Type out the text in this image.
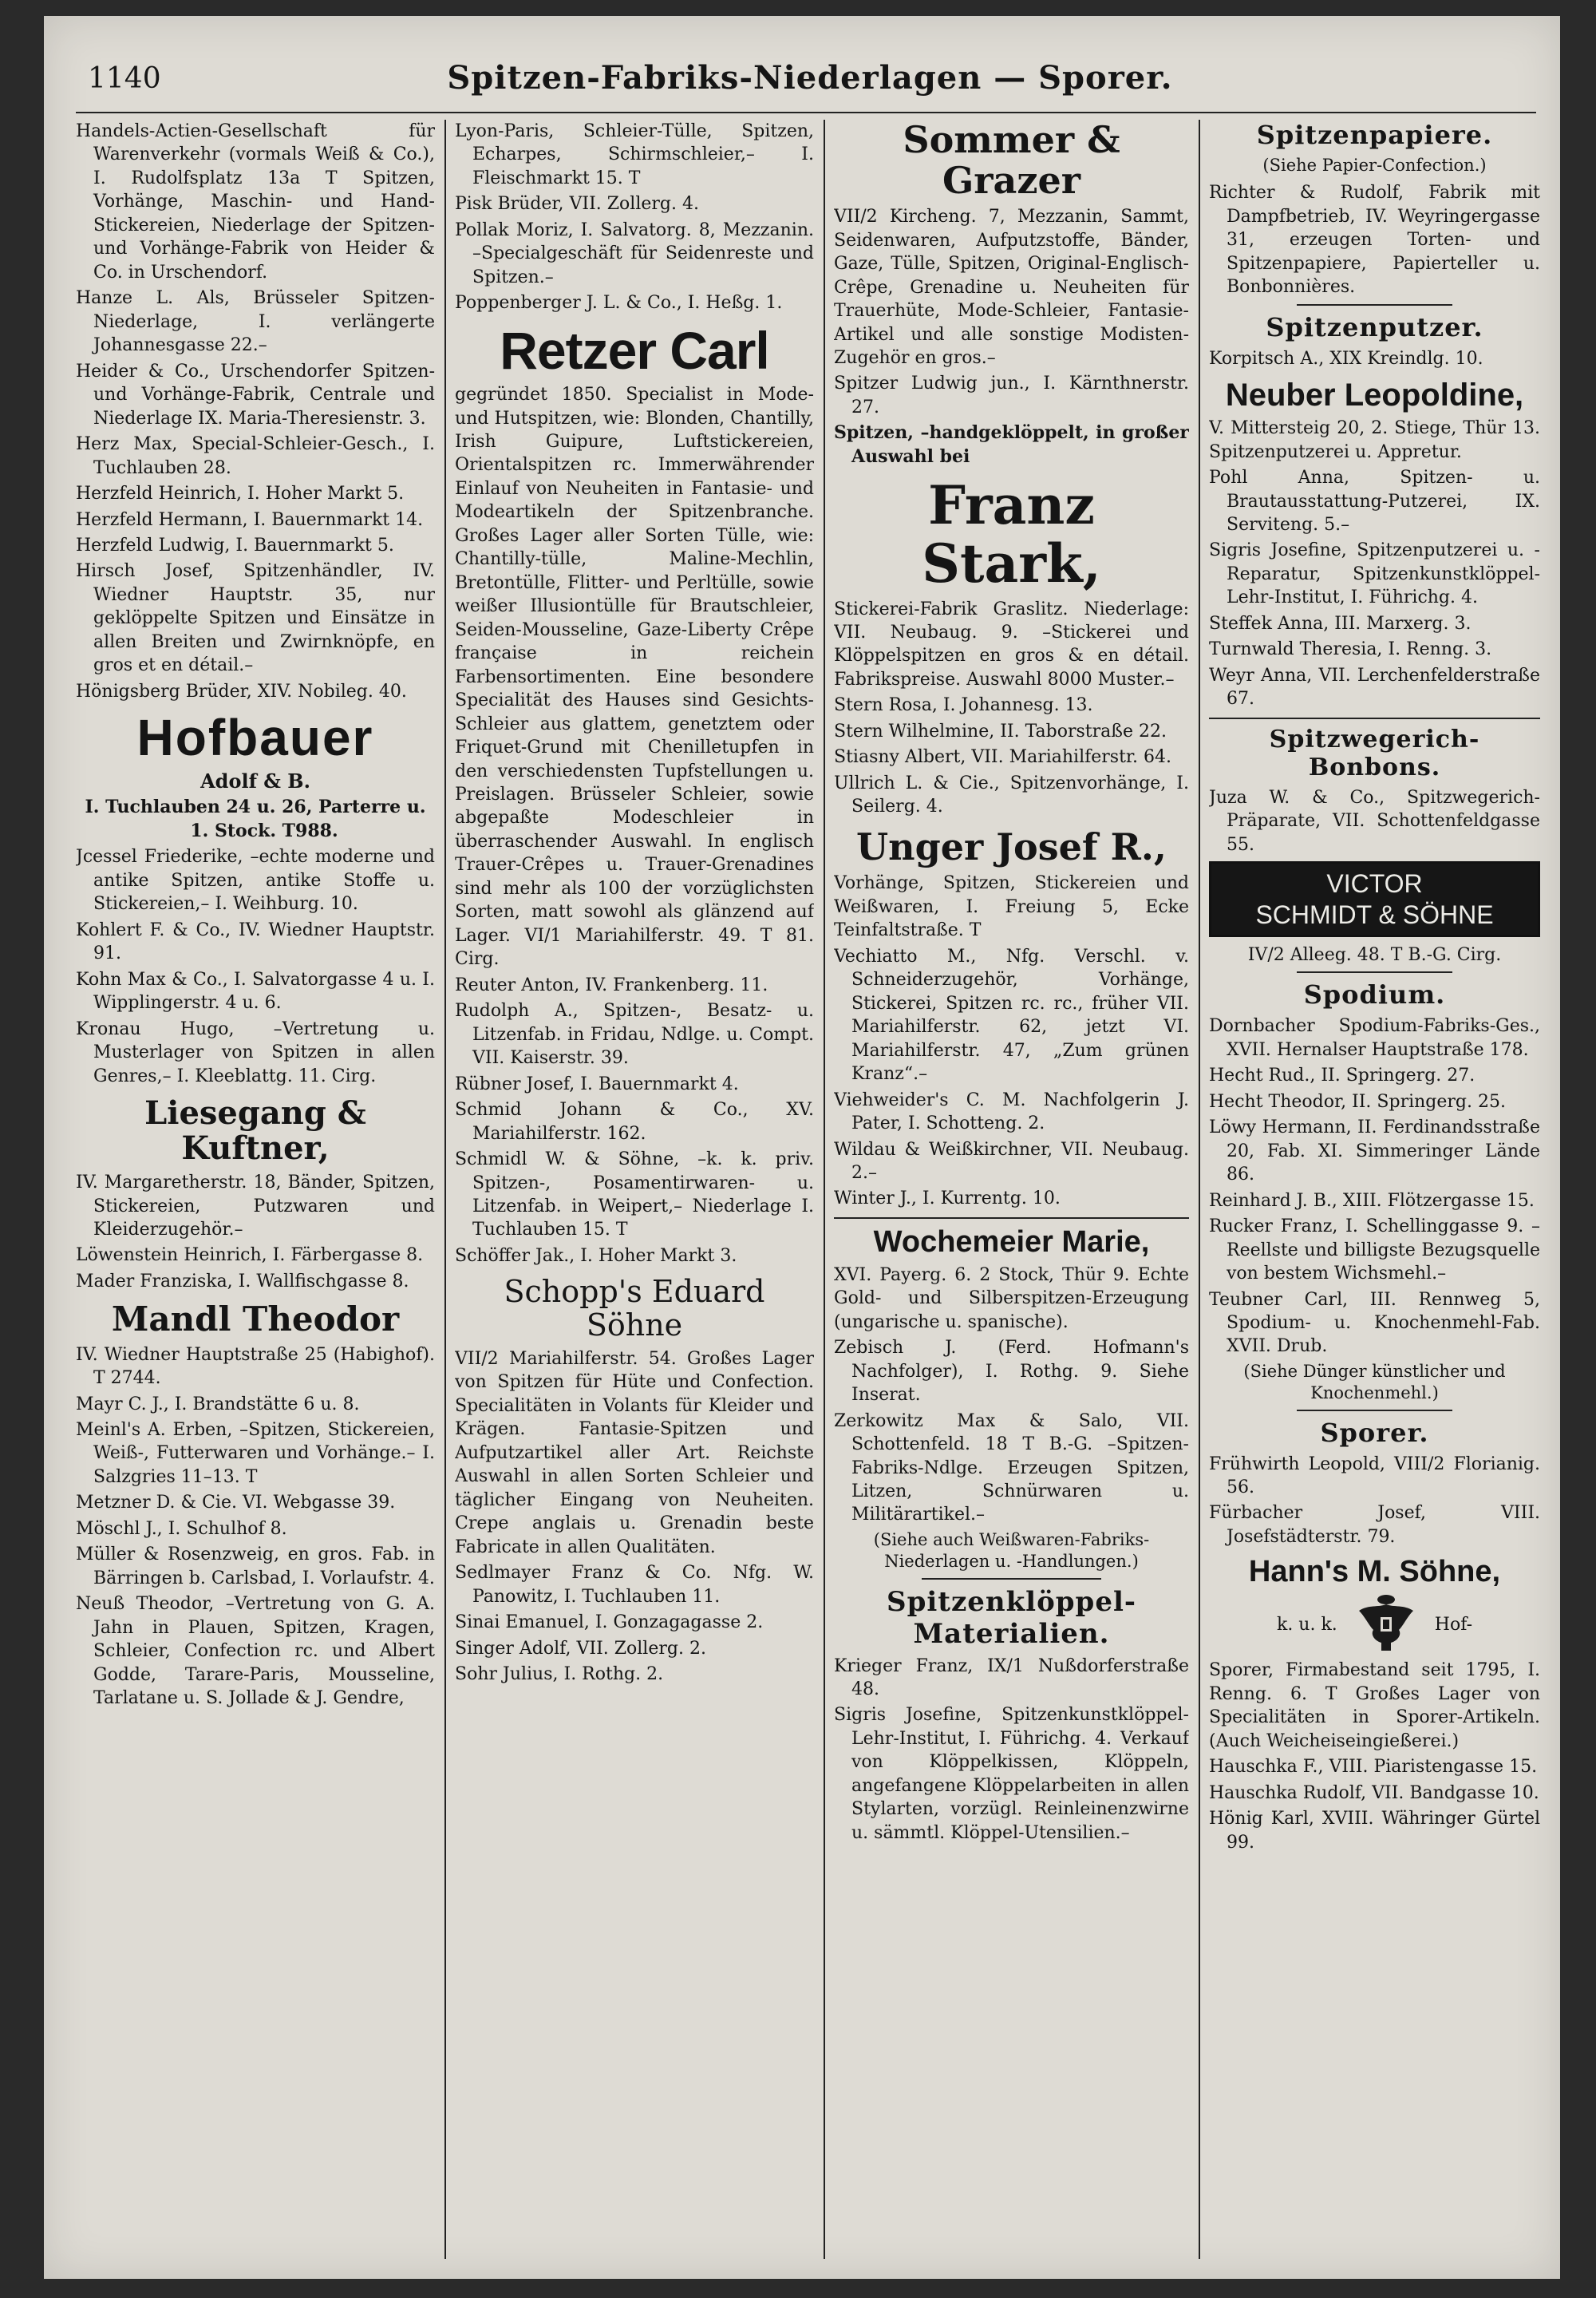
1140	Spitzen-Fabriks-Niederlagen — Sporer.

Handels-Actien-Gesellschaft für Warenverkehr (vormals Weiß & Co.), I. Rudolfsplatz 13a T Spitzen, Vorhänge, Maschin- und Hand-Stickereien, Niederlage der Spitzen- und Vorhänge-Fabrik von Heider & Co. in Urschendorf.

Hanze L. Als, Brüsseler Spitzen-Niederlage, I. verlängerte Johannesgasse 22.–

Heider & Co., Urschendorfer Spitzen- und Vorhänge-Fabrik, Centrale und Niederlage IX. Maria-Theresienstr. 3.

Herz Max, Special-Schleier-Gesch., I. Tuchlauben 28.

Herzfeld Heinrich, I. Hoher Markt 5.

Herzfeld Hermann, I. Bauernmarkt 14.

Herzfeld Ludwig, I. Bauernmarkt 5.

Hirsch Josef, Spitzenhändler, IV. Wiedner Hauptstr. 35, nur geklöppelte Spitzen und Einsätze in allen Breiten und Zwirnknöpfe, en gros et en détail.–

Hönigsberg Brüder, XIV. Nobileg. 40.

Hofbauer
Adolf & B.

I. Tuchlauben 24 u. 26, Parterre u. 1. Stock. T988.

Jcessel Friederike, –echte moderne und antike Spitzen, antike Stoffe u. Stickereien,– I. Weihburg. 10.

Kohlert F. & Co., IV. Wiedner Hauptstr. 91.

Kohn Max & Co., I. Salvatorgasse 4 u. I. Wipplingerstr. 4 u. 6.

Kronau Hugo, –Vertretung u. Musterlager von Spitzen in allen Genres,– I. Kleeblattg. 11. Cirg.

Liesegang & Kuftner,

IV. Margaretherstr. 18, Bänder, Spitzen, Stickereien, Putzwaren und Kleiderzugehör.–

Löwenstein Heinrich, I. Färbergasse 8.

Mader Franziska, I. Wallfischgasse 8.

Mandl Theodor

IV. Wiedner Hauptstraße 25 (Habighof). T 2744.

Mayr C. J., I. Brandstätte 6 u. 8.

Meinl's A. Erben, –Spitzen, Stickereien, Weiß-, Futterwaren und Vorhänge.– I. Salzgries 11–13. T

Metzner D. & Cie. VI. Webgasse 39.

Möschl J., I. Schulhof 8.

Müller & Rosenzweig, en gros. Fab. in Bärringen b. Carlsbad, I. Vorlaufstr. 4.

Neuß Theodor, –Vertretung von G. A. Jahn in Plauen, Spitzen, Kragen, Schleier, Confection rc. und Albert Godde, Tarare-Paris, Mousseline, Tarlatane u. S. Jollade & J. Gendre,

Lyon-Paris, Schleier-Tülle, Spitzen, Echarpes, Schirmschleier,– I. Fleischmarkt 15. T

Pisk Brüder, VII. Zollerg. 4.

Pollak Moriz, I. Salvatorg. 8, Mezzanin. –Specialgeschäft für Seidenreste und Spitzen.–

Poppenberger J. L. & Co., I. Heßg. 1.

Retzer Carl

gegründet 1850. Specialist in Mode- und Hutspitzen, wie: Blonden, Chantilly, Irish Guipure, Luftstickereien, Orientalspitzen rc. Immerwährender Einlauf von Neuheiten in Fantasie- und Modeartikeln der Spitzenbranche. Großes Lager aller Sorten Tülle, wie: Chantilly-tülle, Maline-Mechlin, Bretontülle, Flitter- und Perltülle, sowie weißer Illusiontülle für Brautschleier, Seiden-Mousseline, Gaze-Liberty Crêpe française in reichein Farbensortimenten. Eine besondere Specialität des Hauses sind Gesichts-Schleier aus glattem, genetztem oder Friquet-Grund mit Chenilletupfen in den verschiedensten Tupfstellungen u. Preislagen. Brüsseler Schleier, sowie abgepaßte Modeschleier in überraschender Auswahl. In englisch Trauer-Crêpes u. Trauer-Grenadines sind mehr als 100 der vorzüglichsten Sorten, matt sowohl als glänzend auf Lager. VI/1 Mariahilferstr. 49. T 81. Cirg.

Reuter Anton, IV. Frankenberg. 11.

Rudolph A., Spitzen-, Besatz- u. Litzenfab. in Fridau, Ndlge. u. Compt. VII. Kaiserstr. 39.

Rübner Josef, I. Bauernmarkt 4.

Schmid Johann & Co., XV. Mariahilferstr. 162.

Schmidl W. & Söhne, –k. k. priv. Spitzen-, Posamentirwaren- u. Litzenfab. in Weipert,– Niederlage I. Tuchlauben 15. T

Schöffer Jak., I. Hoher Markt 3.

Schopp's Eduard Söhne

VII/2 Mariahilferstr. 54. Großes Lager von Spitzen für Hüte und Confection. Specialitäten in Volants für Kleider und Krägen. Fantasie-Spitzen und Aufputzartikel aller Art. Reichste Auswahl in allen Sorten Schleier und täglicher Eingang von Neuheiten. Crepe anglais u. Grenadin beste Fabricate in allen Qualitäten.

Sedlmayer Franz & Co. Nfg. W. Panowitz, I. Tuchlauben 11.

Sinai Emanuel, I. Gonzagagasse 2.

Singer Adolf, VII. Zollerg. 2.

Sohr Julius, I. Rothg. 2.

Sommer & Grazer

VII/2 Kircheng. 7, Mezzanin, Sammt, Seidenwaren, Aufputzstoffe, Bänder, Gaze, Tülle, Spitzen, Original-Englisch-Crêpe, Grenadine u. Neuheiten für Trauerhüte, Mode-Schleier, Fantasie-Artikel und alle sonstige Modisten-Zugehör en gros.–

Spitzer Ludwig jun., I. Kärnthnerstr. 27.

Spitzen, –handgeklöppelt, in großer Auswahl bei

Franz Stark,

Stickerei-Fabrik Graslitz. Niederlage: VII. Neubaug. 9. –Stickerei und Klöppelspitzen en gros & en détail. Fabrikspreise. Auswahl 8000 Muster.–

Stern Rosa, I. Johannesg. 13.

Stern Wilhelmine, II. Taborstraße 22.

Stiasny Albert, VII. Mariahilferstr. 64.

Ullrich L. & Cie., Spitzenvorhänge, I. Seilerg. 4.

Unger Josef R.,

Vorhänge, Spitzen, Stickereien und Weißwaren, I. Freiung 5, Ecke Teinfaltstraße. T

Vechiatto M., Nfg. Verschl. v. Schneiderzugehör, Vorhänge, Stickerei, Spitzen rc. rc., früher VII. Mariahilferstr. 62, jetzt VI. Mariahilferstr. 47, „Zum grünen Kranz“.–

Viehweider's C. M. Nachfolgerin J. Pater, I. Schotteng. 2.

Wildau & Weißkirchner, VII. Neubaug. 2.–

Winter J., I. Kurrentg. 10.

Wochemeier Marie,

XVI. Payerg. 6. 2 Stock, Thür 9. Echte Gold- und Silberspitzen-Erzeugung (ungarische u. spanische).

Zebisch J. (Ferd. Hofmann's Nachfolger), I. Rothg. 9. Siehe Inserat.

Zerkowitz Max & Salo, VII. Schottenfeld. 18 T B.-G. –Spitzen-Fabriks-Ndlge. Erzeugen Spitzen, Litzen, Schnürwaren u. Militärartikel.–

(Siehe auch Weißwaren-Fabriks-Niederlagen u. -Handlungen.)

Spitzenklöppel-Materialien.

Krieger Franz, IX/1 Nußdorferstraße 48.

Sigris Josefine, Spitzenkunstklöppel-Lehr-Institut, I. Führichg. 4. Verkauf von Klöppelkissen, Klöppeln, angefangene Klöppelarbeiten in allen Stylarten, vorzügl. Reinleinenzwirne u. sämmtl. Klöppel-Utensilien.–

Spitzenpapiere.

(Siehe Papier-Confection.)

Richter & Rudolf, Fabrik mit Dampfbetrieb, IV. Weyringergasse 31, erzeugen Torten- und Spitzenpapiere, Papierteller u. Bonbonnières.

Spitzenputzer.

Korpitsch A., XIX Kreindlg. 10.

Neuber Leopoldine,

V. Mittersteig 20, 2. Stiege, Thür 13. Spitzenputzerei u. Appretur.

Pohl Anna, Spitzen- u. Brautausstattung-Putzerei, IX. Serviteng. 5.–

Sigris Josefine, Spitzenputzerei u. -Reparatur, Spitzenkunstklöppel-Lehr-Institut, I. Führichg. 4.

Steffek Anna, III. Marxerg. 3.

Turnwald Theresia, I. Renng. 3.

Weyr Anna, VII. Lerchenfelderstraße 67.

Spitzwegerich-Bonbons.

Juza W. & Co., Spitzwegerich-Präparate, VII. Schottenfeldgasse 55.

VICTOR
SCHMIDT & SÖHNE

IV/2 Alleeg. 48. T B.-G. Cirg.

Spodium.

Dornbacher Spodium-Fabriks-Ges., XVII. Hernalser Hauptstraße 178.

Hecht Rud., II. Springerg. 27.

Hecht Theodor, II. Springerg. 25.

Löwy Hermann, II. Ferdinandsstraße 20, Fab. XI. Simmeringer Lände 86.

Reinhard J. B., XIII. Flötzergasse 15.

Rucker Franz, I. Schellinggasse 9. –Reellste und billigste Bezugsquelle von bestem Wichsmehl.–

Teubner Carl, III. Rennweg 5, Spodium- u. Knochenmehl-Fab. XVII. Drub.

(Siehe Dünger künstlicher und Knochenmehl.)

Sporer.

Frühwirth Leopold, VIII/2 Florianig. 56.

Fürbacher Josef, VIII. Josefstädterstr. 79.

Hann's M. Söhne,
k. u. k.	Hof-

Sporer, Firmabestand seit 1795, I. Renng. 6. T Großes Lager von Specialitäten in Sporer-Artikeln. (Auch Weicheiseingießerei.)

Hauschka F., VIII. Piaristengasse 15.

Hauschka Rudolf, VII. Bandgasse 10.

Hönig Karl, XVIII. Währinger Gürtel 99.
